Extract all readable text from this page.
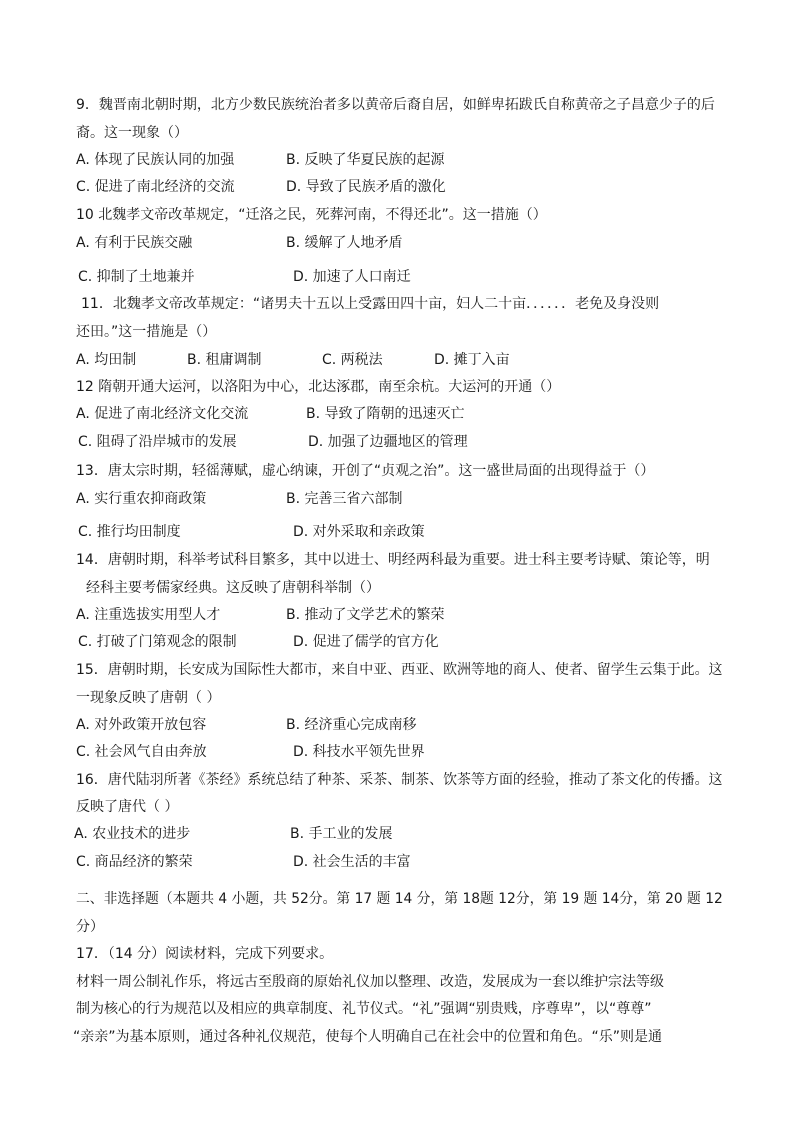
9．魏晋南北朝时期，北方少数民族统治者多以黄帝后裔自居，如鲜卑拓跋氏自称黄帝之子昌意少子的后
裔。这一现象（）
A. 体现了民族认同的加强	B. 反映了华夏民族的起源
C. 促进了南北经济的交流	D. 导致了民族矛盾的激化
10 北魏孝文帝改革规定，“迁洛之民，死葬河南，不得还北”。这一措施（）
A. 有利于民族交融	B. 缓解了人地矛盾
C. 抑制了土地兼并	D. 加速了人口南迁
11．北魏孝文帝改革规定：“诸男夫十五以上受露田四十亩，妇人二十亩．．．．．．老免及身没则
还田。”这一措施是（）
A. 均田制	B. 租庸调制	C. 两税法	D. 摊丁入亩
12 隋朝开通大运河，以洛阳为中心，北达涿郡，南至余杭。大运河的开通（）
A. 促进了南北经济文化交流	B. 导致了隋朝的迅速灭亡
C. 阻碍了沿岸城市的发展	D. 加强了边疆地区的管理
13．唐太宗时期，轻徭薄赋，虚心纳谏，开创了“贞观之治”。这一盛世局面的出现得益于（）
A. 实行重农抑商政策	B. 完善三省六部制
C. 推行均田制度	D. 对外采取和亲政策
14．唐朝时期，科举考试科目繁多，其中以进士、明经两科最为重要。进士科主要考诗赋、策论等，明
经科主要考儒家经典。这反映了唐朝科举制（）
A. 注重选拔实用型人才	B. 推动了文学艺术的繁荣
C. 打破了门第观念的限制	D. 促进了儒学的官方化
15．唐朝时期，长安成为国际性大都市，来自中亚、西亚、欧洲等地的商人、使者、留学生云集于此。这
一现象反映了唐朝（ ）
A. 对外政策开放包容	B. 经济重心完成南移
C. 社会风气自由奔放	D. 科技水平领先世界
16．唐代陆羽所著《茶经》系统总结了种茶、采茶、制茶、饮茶等方面的经验，推动了茶文化的传播。这
反映了唐代（ ）
A. 农业技术的进步	B. 手工业的发展
C. 商品经济的繁荣	D. 社会生活的丰富
二、非选择题（本题共 4 小题，共 52分。第 17 题 14 分，第 18题 12分，第 19 题 14分，第 20 题 12
分）
17．（14 分）阅读材料，完成下列要求。
材料一周公制礼作乐，将远古至殷商的原始礼仪加以整理、改造，发展成为一套以维护宗法等级
制为核心的行为规范以及相应的典章制度、礼节仪式。“礼”强调“别贵贱，序尊卑”，以“尊尊”
“亲亲”为基本原则，通过各种礼仪规范，使每个人明确自己在社会中的位置和角色。“乐”则是通
